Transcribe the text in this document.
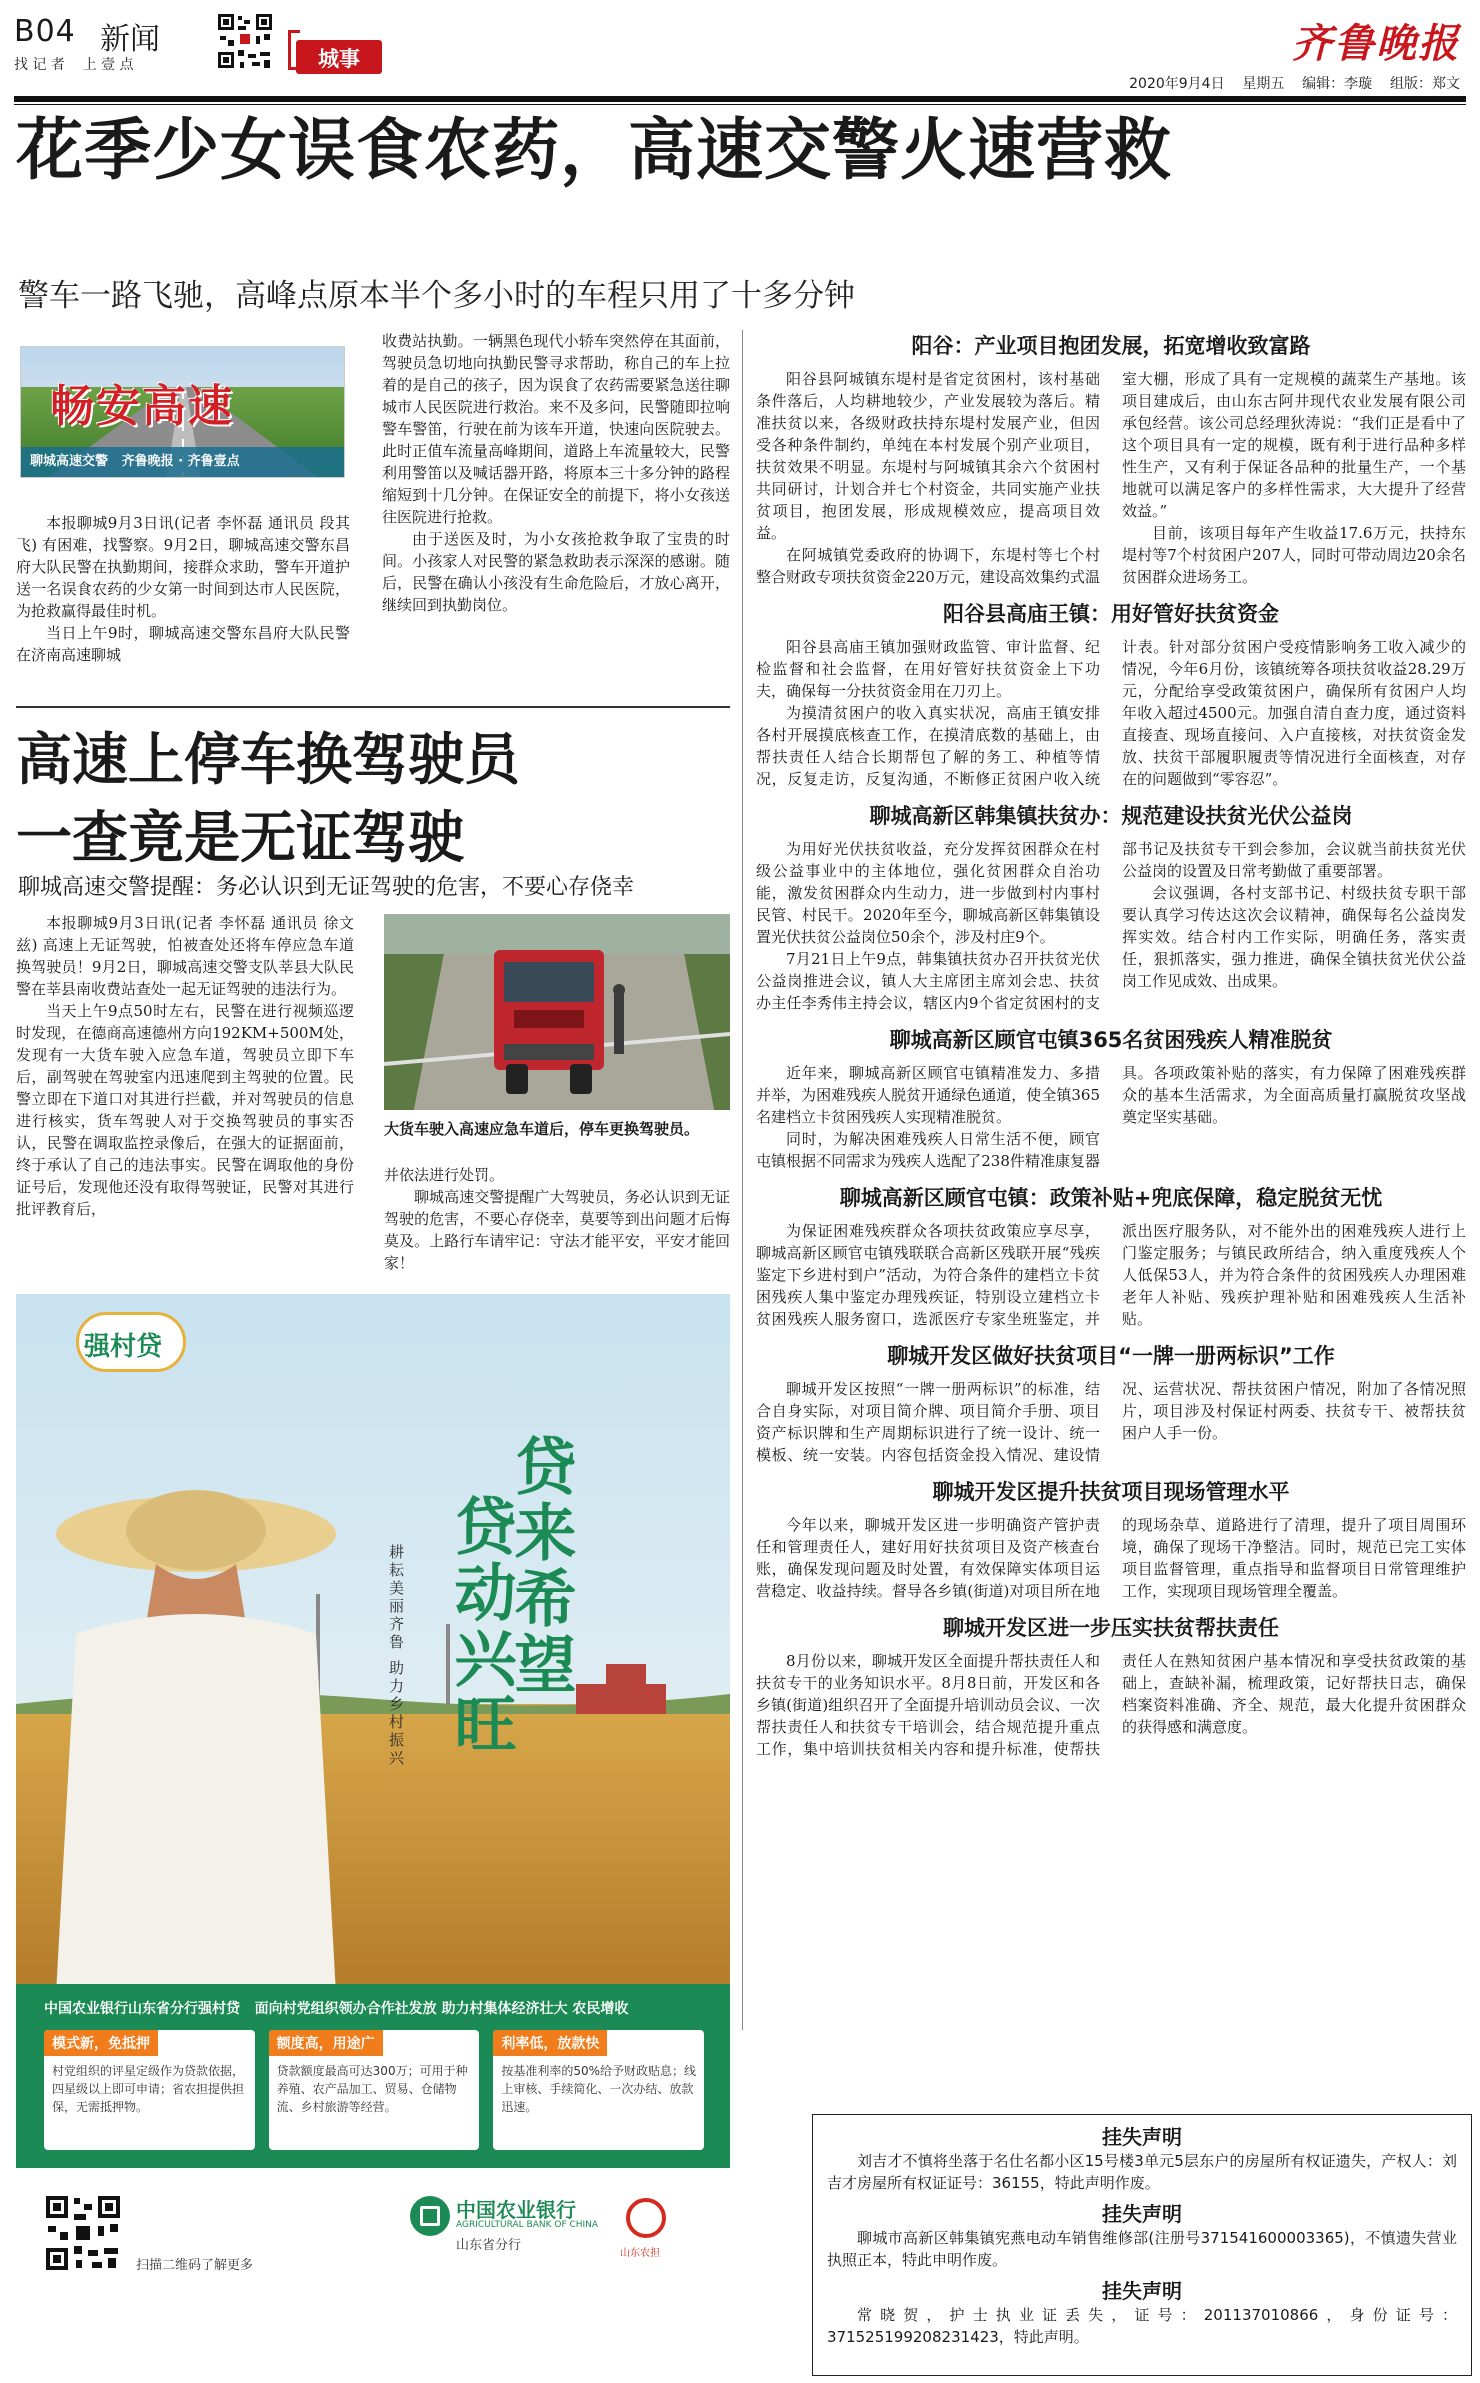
B04 新闻
找 记 者    上 壹 点	城事	齐鲁晚报
2020年9月4日    星期五    编辑：李璇    组版：郑文
花季少女误食农药，高速交警火速营救
警车一路飞驰，高峰点原本半个多小时的车程只用了十多分钟
畅安高速
聊城高速交警   齐鲁晚报 · 齐鲁壹点

本报聊城9月3日讯(记者 李怀磊 通讯员 段其飞) 有困难，找警察。9月2日，聊城高速交警东昌府大队民警在执勤期间，接群众求助，警车开道护送一名误食农药的少女第一时间到达市人民医院，为抢救赢得最佳时机。

当日上午9时，聊城高速交警东昌府大队民警在济南高速聊城

收费站执勤。一辆黑色现代小轿车突然停在其面前，驾驶员急切地向执勤民警寻求帮助，称自己的车上拉着的是自己的孩子，因为误食了农药需要紧急送往聊城市人民医院进行救治。来不及多问，民警随即拉响警车警笛，行驶在前为该车开道，快速向医院驶去。此时正值车流量高峰期间，道路上车流量较大，民警利用警笛以及喊话器开路，将原本三十多分钟的路程缩短到十几分钟。在保证安全的前提下，将小女孩送往医院进行抢救。

由于送医及时，为小女孩抢救争取了宝贵的时间。小孩家人对民警的紧急救助表示深深的感谢。随后，民警在确认小孩没有生命危险后，才放心离开，继续回到执勤岗位。

高速上停车换驾驶员
一查竟是无证驾驶
聊城高速交警提醒：务必认识到无证驾驶的危害，不要心存侥幸

本报聊城9月3日讯(记者 李怀磊 通讯员 徐文兹) 高速上无证驾驶，怕被查处还将车停应急车道换驾驶员！9月2日，聊城高速交警支队莘县大队民警在莘县南收费站查处一起无证驾驶的违法行为。

当天上午9点50时左右，民警在进行视频巡逻时发现，在德商高速德州方向192KM+500M处，发现有一大货车驶入应急车道，驾驶员立即下车后，副驾驶在驾驶室内迅速爬到主驾驶的位置。民警立即在下道口对其进行拦截，并对驾驶员的信息进行核实，货车驾驶人对于交换驾驶员的事实否认，民警在调取监控录像后，在强大的证据面前，终于承认了自己的违法事实。民警在调取他的身份证号后，发现他还没有取得驾驶证，民警对其进行批评教育后，

大货车驶入高速应急车道后，停车更换驾驶员。

并依法进行处罚。

聊城高速交警提醒广大驾驶员，务必认识到无证驾驶的危害，不要心存侥幸，莫要等到出问题才后悔莫及。上路行车请牢记：守法才能平安，平安才能回家！

强村贷
贷来希望
贷动兴旺
耕耘美丽齐鲁 助力乡村振兴
中国农业银行山东省分行强村贷   面向村党组织领办合作社发放 助力村集体经济壮大 农民增收
模式新，免抵押
村党组织的评星定级作为贷款依据，四星级以上即可申请；省农担提供担保，无需抵押物。
额度高，用途广
贷款额度最高可达300万；可用于种养殖、农产品加工、贸易、仓储物流、乡村旅游等经营。
利率低，放款快
按基准利率的50%给予财政贴息；线上审核、手续简化、一次办结、放款迅速。
扫描二维码了解更多
中国农业银行
AGRICULTURAL BANK OF CHINA
山东省分行
山东农担
阳谷：产业项目抱团发展，拓宽增收致富路

阳谷县阿城镇东堤村是省定贫困村，该村基础条件落后，人均耕地较少，产业发展较为落后。精准扶贫以来，各级财政扶持东堤村发展产业，但因受各种条件制约，单纯在本村发展个别产业项目，扶贫效果不明显。东堤村与阿城镇其余六个贫困村共同研讨，计划合并七个村资金，共同实施产业扶贫项目，抱团发展，形成规模效应，提高项目效益。

在阿城镇党委政府的协调下，东堤村等七个村整合财政专项扶贫资金220万元，建设高效集约式温室大棚，形成了具有一定规模的蔬菜生产基地。该项目建成后，由山东古阿井现代农业发展有限公司承包经营。该公司总经理狄涛说：“我们正是看中了这个项目具有一定的规模，既有利于进行品种多样性生产，又有利于保证各品种的批量生产，一个基地就可以满足客户的多样性需求，大大提升了经营效益。”

目前，该项目每年产生收益17.6万元，扶持东堤村等7个村贫困户207人，同时可带动周边20余名贫困群众进场务工。

阳谷县高庙王镇：用好管好扶贫资金

阳谷县高庙王镇加强财政监管、审计监督、纪检监督和社会监督，在用好管好扶贫资金上下功夫，确保每一分扶贫资金用在刀刃上。

为摸清贫困户的收入真实状况，高庙王镇安排各村开展摸底核查工作，在摸清底数的基础上，由帮扶责任人结合长期帮包了解的务工、种植等情况，反复走访，反复沟通，不断修正贫困户收入统计表。针对部分贫困户受疫情影响务工收入减少的情况，今年6月份，该镇统筹各项扶贫收益28.29万元，分配给享受政策贫困户，确保所有贫困户人均年收入超过4500元。加强自清自查力度，通过资料直接查、现场直接问、入户直接核，对扶贫资金发放、扶贫干部履职履责等情况进行全面核查，对存在的问题做到“零容忍”。

聊城高新区韩集镇扶贫办：规范建设扶贫光伏公益岗

为用好光伏扶贫收益，充分发挥贫困群众在村级公益事业中的主体地位，强化贫困群众自治功能，激发贫困群众内生动力，进一步做到村内事村民管、村民干。2020年至今，聊城高新区韩集镇设置光伏扶贫公益岗位50余个，涉及村庄9个。

7月21日上午9点，韩集镇扶贫办召开扶贫光伏公益岗推进会议，镇人大主席团主席刘会忠、扶贫办主任李秀伟主持会议，辖区内9个省定贫困村的支部书记及扶贫专干到会参加，会议就当前扶贫光伏公益岗的设置及日常考勤做了重要部署。

会议强调，各村支部书记、村级扶贫专职干部要认真学习传达这次会议精神，确保每名公益岗发挥实效。结合村内工作实际，明确任务，落实责任，狠抓落实，强力推进，确保全镇扶贫光伏公益岗工作见成效、出成果。

聊城高新区顾官屯镇365名贫困残疾人精准脱贫

近年来，聊城高新区顾官屯镇精准发力、多措并举，为困难残疾人脱贫开通绿色通道，使全镇365名建档立卡贫困残疾人实现精准脱贫。

同时，为解决困难残疾人日常生活不便，顾官屯镇根据不同需求为残疾人选配了238件精准康复器具。各项政策补贴的落实，有力保障了困难残疾群众的基本生活需求，为全面高质量打赢脱贫攻坚战奠定坚实基础。

聊城高新区顾官屯镇：政策补贴+兜底保障，稳定脱贫无忧

为保证困难残疾群众各项扶贫政策应享尽享，聊城高新区顾官屯镇残联联合高新区残联开展“残疾鉴定下乡进村到户”活动，为符合条件的建档立卡贫困残疾人集中鉴定办理残疾证，特别设立建档立卡贫困残疾人服务窗口，选派医疗专家坐班鉴定，并派出医疗服务队，对不能外出的困难残疾人进行上门鉴定服务；与镇民政所结合，纳入重度残疾人个人低保53人，并为符合条件的贫困残疾人办理困难老年人补贴、残疾护理补贴和困难残疾人生活补贴。

聊城开发区做好扶贫项目“一牌一册两标识”工作

聊城开发区按照“一牌一册两标识”的标准，结合自身实际，对项目简介牌、项目简介手册、项目资产标识牌和生产周期标识进行了统一设计、统一模板、统一安装。内容包括资金投入情况、建设情况、运营状况、帮扶贫困户情况，附加了各情况照片，项目涉及村保证村两委、扶贫专干、被帮扶贫困户人手一份。

聊城开发区提升扶贫项目现场管理水平

今年以来，聊城开发区进一步明确资产管护责任和管理责任人，建好用好扶贫项目及资产核查台账，确保发现问题及时处置，有效保障实体项目运营稳定、收益持续。督导各乡镇(街道)对项目所在地的现场杂草、道路进行了清理，提升了项目周围环境，确保了现场干净整洁。同时，规范已完工实体项目监督管理，重点指导和监督项目日常管理维护工作，实现项目现场管理全覆盖。

聊城开发区进一步压实扶贫帮扶责任

8月份以来，聊城开发区全面提升帮扶责任人和扶贫专干的业务知识水平。8月8日前，开发区和各乡镇(街道)组织召开了全面提升培训动员会议、一次帮扶责任人和扶贫专干培训会，结合规范提升重点工作，集中培训扶贫相关内容和提升标准，使帮扶责任人在熟知贫困户基本情况和享受扶贫政策的基础上，查缺补漏，梳理政策，记好帮扶日志，确保档案资料准确、齐全、规范，最大化提升贫困群众的获得感和满意度。

挂失声明
刘吉才不慎将坐落于名仕名都小区15号楼3单元5层东户的房屋所有权证遗失，产权人：刘吉才房屋所有权证证号：36155，特此声明作废。
挂失声明
聊城市高新区韩集镇宪燕电动车销售维修部(注册号371541600003365)，不慎遗失营业执照正本，特此申明作废。
挂失声明
常晓贺，护士执业证丢失，证号：201137010866，身份证号：371525199208231423，特此声明。
